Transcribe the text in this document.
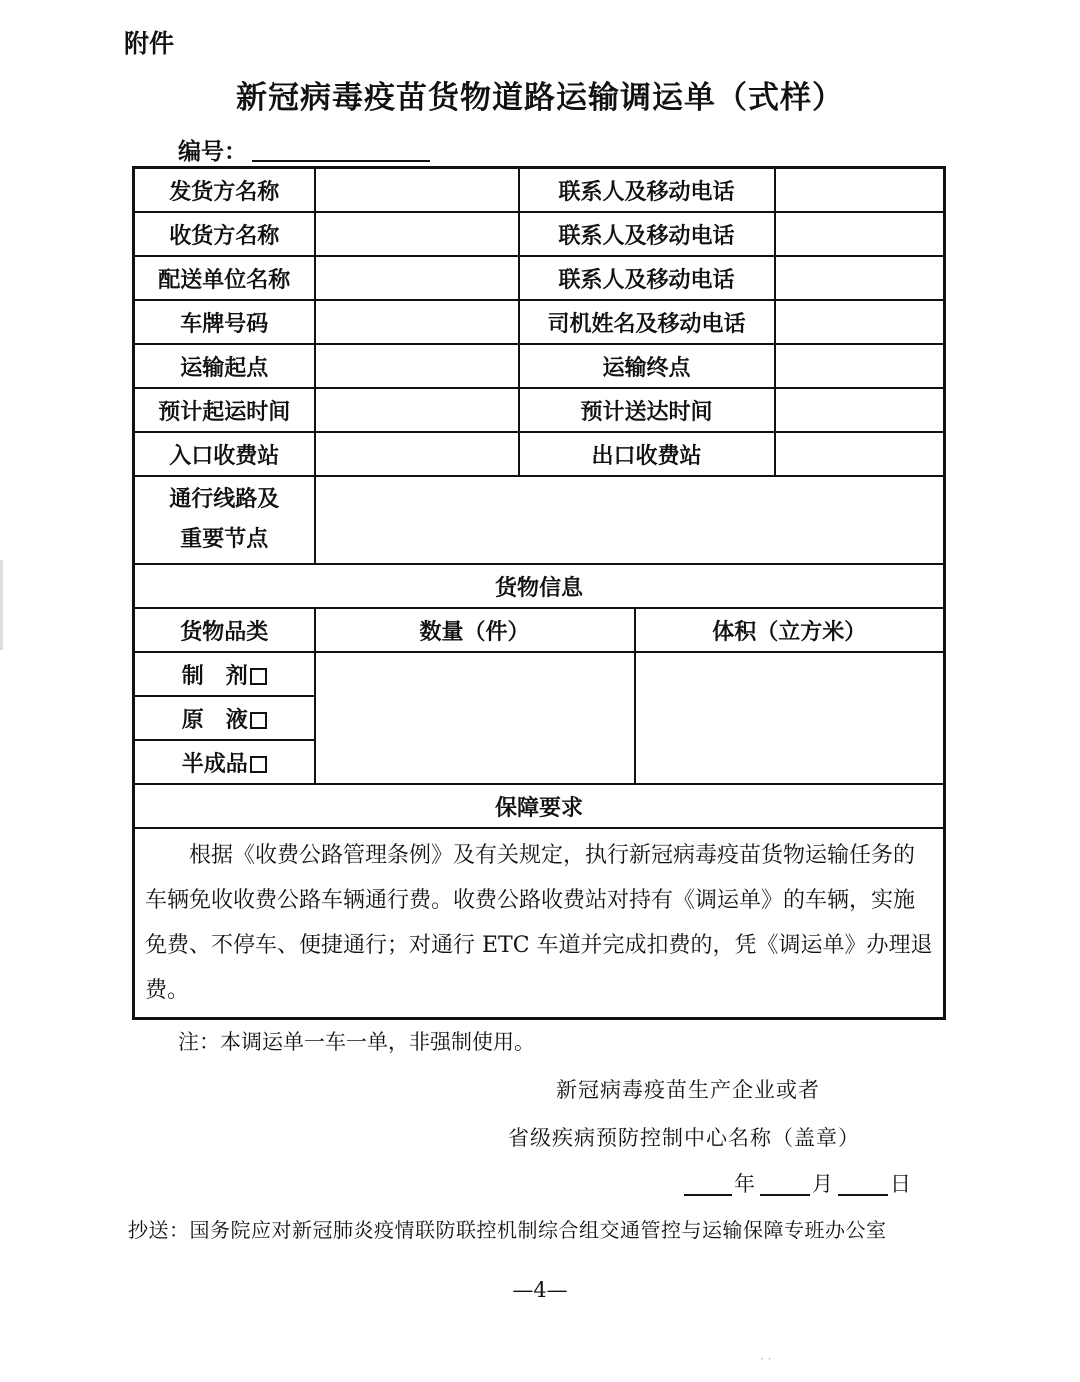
附件
新冠病毒疫苗货物道路运输调运单（式样）
编号：
发货方名称		联系人及移动电话		
收货方名称		联系人及移动电话		
配送单位名称		联系人及移动电话		
车牌号码		司机姓名及移动电话		
运输起点		运输终点		
预计起运时间		预计送达时间		
入口收费站		出口收费站		

通行线路及
重要节点				

货物信息				
货物品类	数量（件）		体积（立方米）	
制　剂				
原　液				
半成品				
保障要求				
　　根据《收费公路管理条例》及有关规定，执行新冠病毒疫苗货物运输任务的车辆免收收费公路车辆通行费。收费公路收费站对持有《调运单》的车辆，实施免费、不停车、便捷通行；对通行 ETC 车道并完成扣费的，凭《调运单》办理退费。				
注：本调运单一车一单，非强制使用。
新冠病毒疫苗生产企业或者
省级疾病预防控制中心名称（盖章）
年	月	日
抄送：国务院应对新冠肺炎疫情联防联控机制综合组交通管控与运输保障专班办公室
—4—
· ·
